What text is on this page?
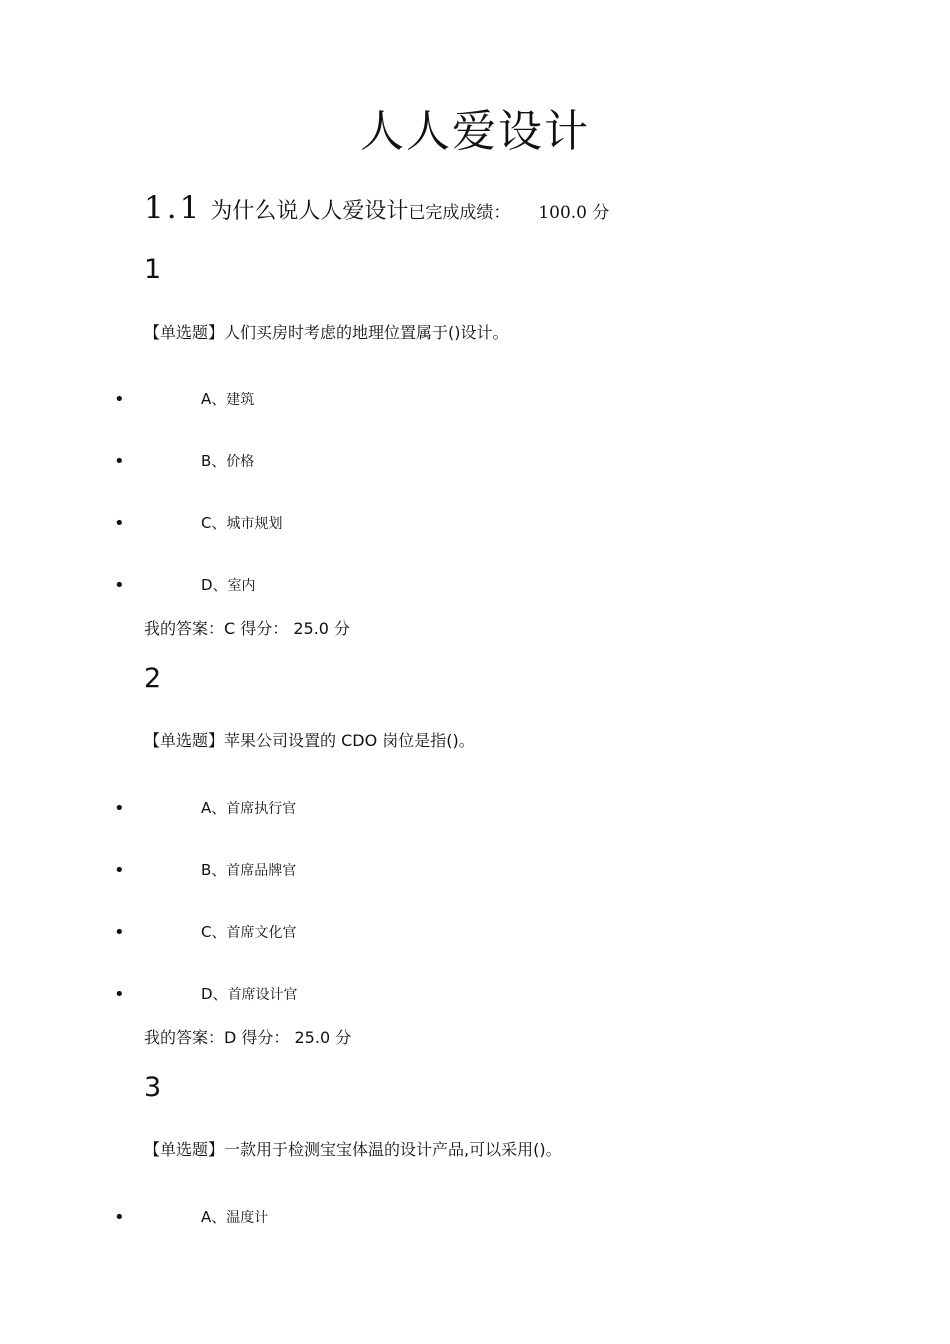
人人爱设计
1.1 为什么说人人爱设计已完成成绩： 100.0 分
1
【单选题】人们买房时考虑的地理位置属于()设计。
•	A、建筑
•	B、价格
•	C、城市规划
•	D、室内
我的答案：C 得分： 25.0 分
2
【单选题】苹果公司设置的 CDO 岗位是指()。
•	A、首席执行官
•	B、首席品牌官
•	C、首席文化官
•	D、首席设计官
我的答案：D 得分： 25.0 分
3
【单选题】一款用于检测宝宝体温的设计产品,可以采用()。
•	A、温度计
